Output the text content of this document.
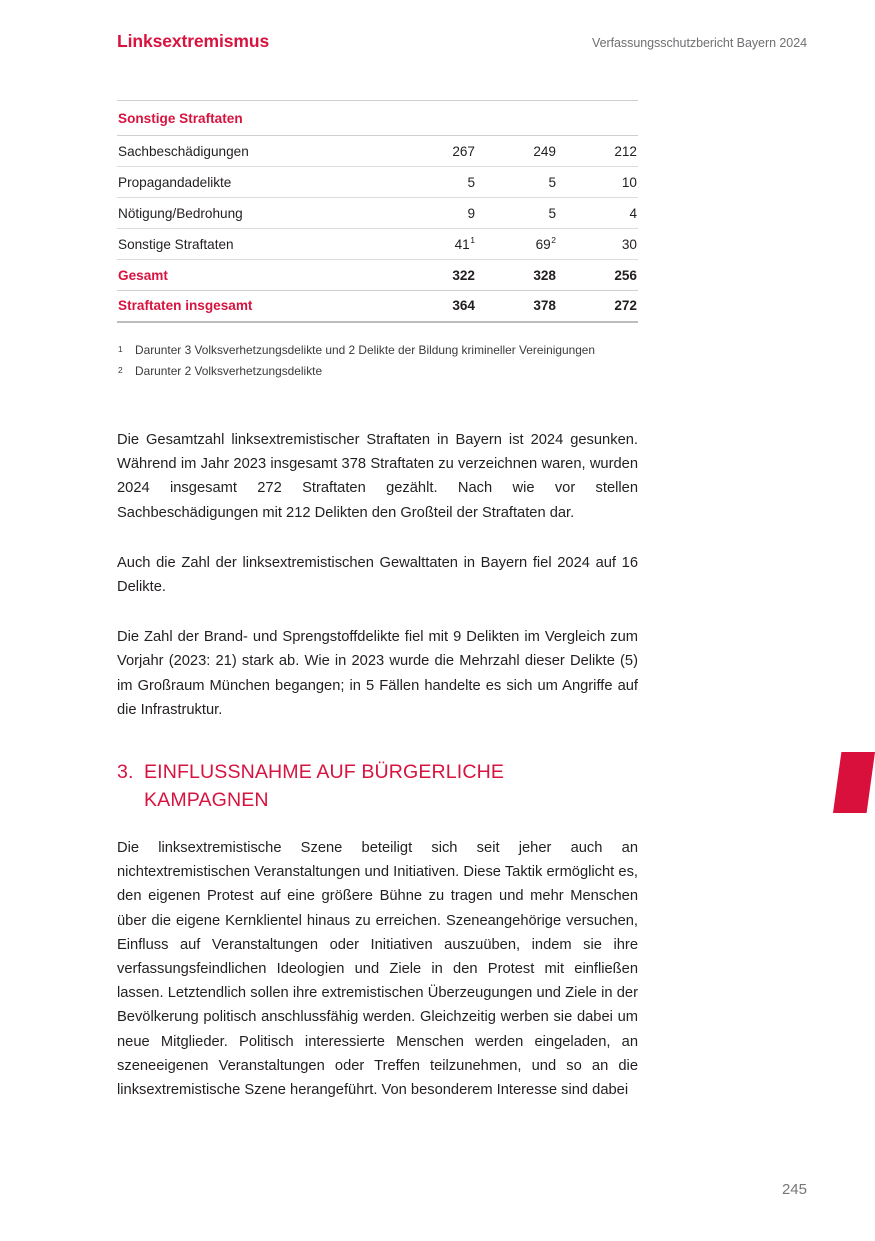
Linksextremismus	Verfassungsschutzbericht Bayern 2024
Sonstige Straftaten			
Sachbeschädigungen	267	249	212
Propagandadelikte	5	5	10
Nötigung/Bedrohung	9	5	4
Sonstige Straftaten	$41^1$	$69^2$	30
Gesamt	322	328	256
Straftaten insgesamt	364	378	272
1 Darunter 3 Volksverhetzungsdelikte und 2 Delikte der Bildung krimineller Vereinigungen
2 Darunter 2 Volksverhetzungsdelikte

Die Gesamtzahl linksextremistischer Straftaten in Bayern ist 2024 gesunken. Während im Jahr 2023 insgesamt 378 Straftaten zu verzeichnen waren, wurden 2024 insgesamt 272 Straftaten gezählt. Nach wie vor stellen Sachbeschädigungen mit 212 Delikten den Großteil der Straftaten dar.

Auch die Zahl der linksextremistischen Gewalttaten in Bayern fiel 2024 auf 16 Delikte.

Die Zahl der Brand- und Sprengstoffdelikte fiel mit 9 Delikten im Vergleich zum Vorjahr (2023: 21) stark ab. Wie in 2023 wurde die Mehrzahl dieser Delikte (5) im Großraum München begangen; in 5 Fällen handelte es sich um Angriffe auf die Infrastruktur.

3. EINFLUSSNAHME AUF BÜRGERLICHE
KAMPAGNEN

Die linksextremistische Szene beteiligt sich seit jeher auch an nichtextremistischen Veranstaltungen und Initiativen. Diese Taktik ermöglicht es, den eigenen Protest auf eine größere Bühne zu tragen und mehr Menschen über die eigene Kernklientel hinaus zu erreichen. Szeneangehörige versuchen, Einfluss auf Veranstaltungen oder Initiativen auszuüben, indem sie ihre verfassungsfeindlichen Ideologien und Ziele in den Protest mit einfließen lassen. Letztendlich sollen ihre extremistischen Überzeugungen und Ziele in der Bevölkerung politisch anschlussfähig werden. Gleichzeitig werben sie dabei um neue Mitglieder. Politisch interessierte Menschen werden eingeladen, an szeneeigenen Veranstaltungen oder Treffen teilzunehmen, und so an die linksextremistische Szene herangeführt. Von besonderem Interesse sind dabei

245
